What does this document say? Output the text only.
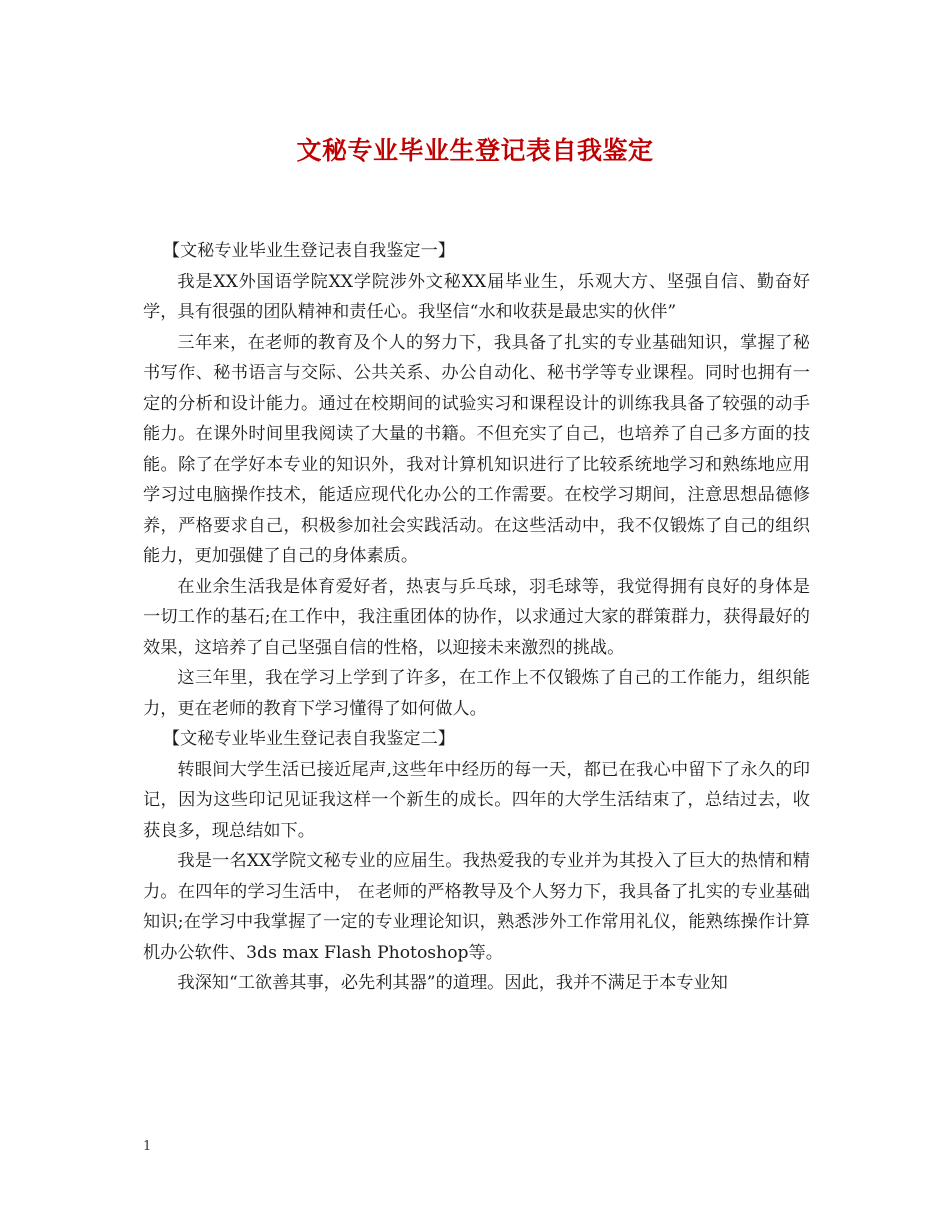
文秘专业毕业生登记表自我鉴定

【文秘专业毕业生登记表自我鉴定一】

我是XX外国语学院XX学院涉外文秘XX届毕业生，乐观大方、坚强自信、勤奋好学，具有很强的团队精神和责任心。我坚信“水和收获是最忠实的伙伴”

三年来，在老师的教育及个人的努力下，我具备了扎实的专业基础知识，掌握了秘书写作、秘书语言与交际、公共关系、办公自动化、秘书学等专业课程。同时也拥有一定的分析和设计能力。通过在校期间的试验实习和课程设计的训练我具备了较强的动手能力。在课外时间里我阅读了大量的书籍。不但充实了自己，也培养了自己多方面的技能。除了在学好本专业的知识外，我对计算机知识进行了比较系统地学习和熟练地应用学习过电脑操作技术，能适应现代化办公的工作需要。在校学习期间，注意思想品德修养，严格要求自己，积极参加社会实践活动。在这些活动中，我不仅锻炼了自己的组织能力，更加强健了自己的身体素质。

在业余生活我是体育爱好者，热衷与乒乓球，羽毛球等，我觉得拥有良好的身体是一切工作的基石;在工作中，我注重团体的协作，以求通过大家的群策群力，获得最好的效果，这培养了自己坚强自信的性格，以迎接未来激烈的挑战。

这三年里，我在学习上学到了许多，在工作上不仅锻炼了自己的工作能力，组织能力，更在老师的教育下学习懂得了如何做人。

【文秘专业毕业生登记表自我鉴定二】

转眼间大学生活已接近尾声,这些年中经历的每一天，都已在我心中留下了永久的印记，因为这些印记见证我这样一个新生的成长。四年的大学生活结束了，总结过去，收获良多，现总结如下。

我是一名XX学院文秘专业的应届生。我热爱我的专业并为其投入了巨大的热情和精力。在四年的学习生活中， 在老师的严格教导及个人努力下，我具备了扎实的专业基础知识;在学习中我掌握了一定的专业理论知识，熟悉涉外工作常用礼仪，能熟练操作计算机办公软件、3ds max Flash Photoshop等。

我深知“工欲善其事，必先利其器”的道理。因此，我并不满足于本专业知

1
